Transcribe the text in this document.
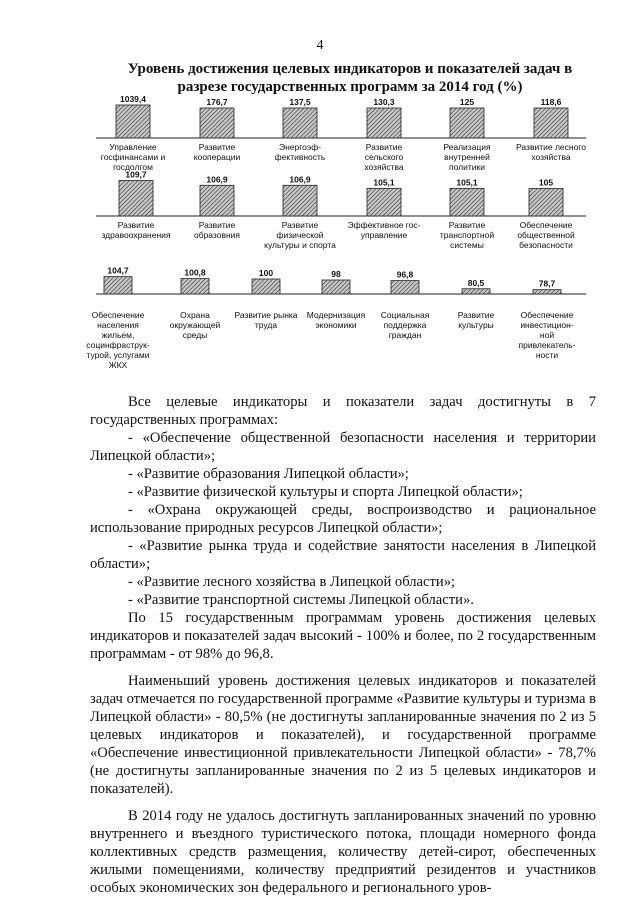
4
Уровень достижения целевых индикаторов и показателей задач в
разрезе государственных программ за 2014 год (%)
1039,4
Управление
госфинансами и
госдолгом
176,7
Развитие
кооперации
137,5
Энергоэф-
фективность
130,3
Развитие
сельского
хозяйства
125
Реализация
внутренней
политики
118,6
Развитие лесного
хозяйства
109,7
Развитие
здравоохранения
106,9
Развитие
образовния
106,9
Развитие
физической
культуры и спорта
105,1
Эффективное гос-
управление
105,1
Развитие
транспортной
системы
105
Обеспечение
общественной
безопасности
104,7
Обеспечение
населения
жильем,
социнфраструк-
турой, услугами
ЖКХ
100,8
Охрана
окружающей
среды
100
Развитие рынка
труда
98
Модернизация
экономики
96,8
Социальная
поддержка
граждан
80,5
Развитие
культуры
78,7
Обеспечение
инвестицион-
ной
привлекатель-
ности

Все целевые индикаторы и показатели задач достигнуты в 7 государственных программах:

- «Обеспечение общественной безопасности населения и территории Липецкой области»;

- «Развитие образования Липецкой области»;

- «Развитие физической культуры и спорта Липецкой области»;

- «Охрана окружающей среды, воспроизводство и рациональное использование природных ресурсов Липецкой области»;

- «Развитие рынка труда и содействие занятости населения в Липецкой области»;

- «Развитие лесного хозяйства в Липецкой области»;

- «Развитие транспортной системы Липецкой области».

По 15 государственным программам уровень достижения целевых индикаторов и показателей задач высокий - 100% и более, по 2 государственным программам - от 98% до 96,8.

Наименьший уровень достижения целевых индикаторов и показателей задач отмечается по государственной программе «Развитие культуры и туризма в Липецкой области» - 80,5% (не достигнуты запланированные значения по 2 из 5 целевых индикаторов и показателей), и государственной программе «Обеспечение инвестиционной привлекательности Липецкой области» - 78,7% (не достигнуты запланированные значения по 2 из 5 целевых индикаторов и показателей).

В 2014 году не удалось достигнуть запланированных значений по уровню внутреннего и въездного туристического потока, площади номерного фонда коллективных средств размещения, количеству детей-сирот, обеспеченных жилыми помещениями, количеству предприятий резидентов и участников особых экономических зон федерального и регионального уров-
